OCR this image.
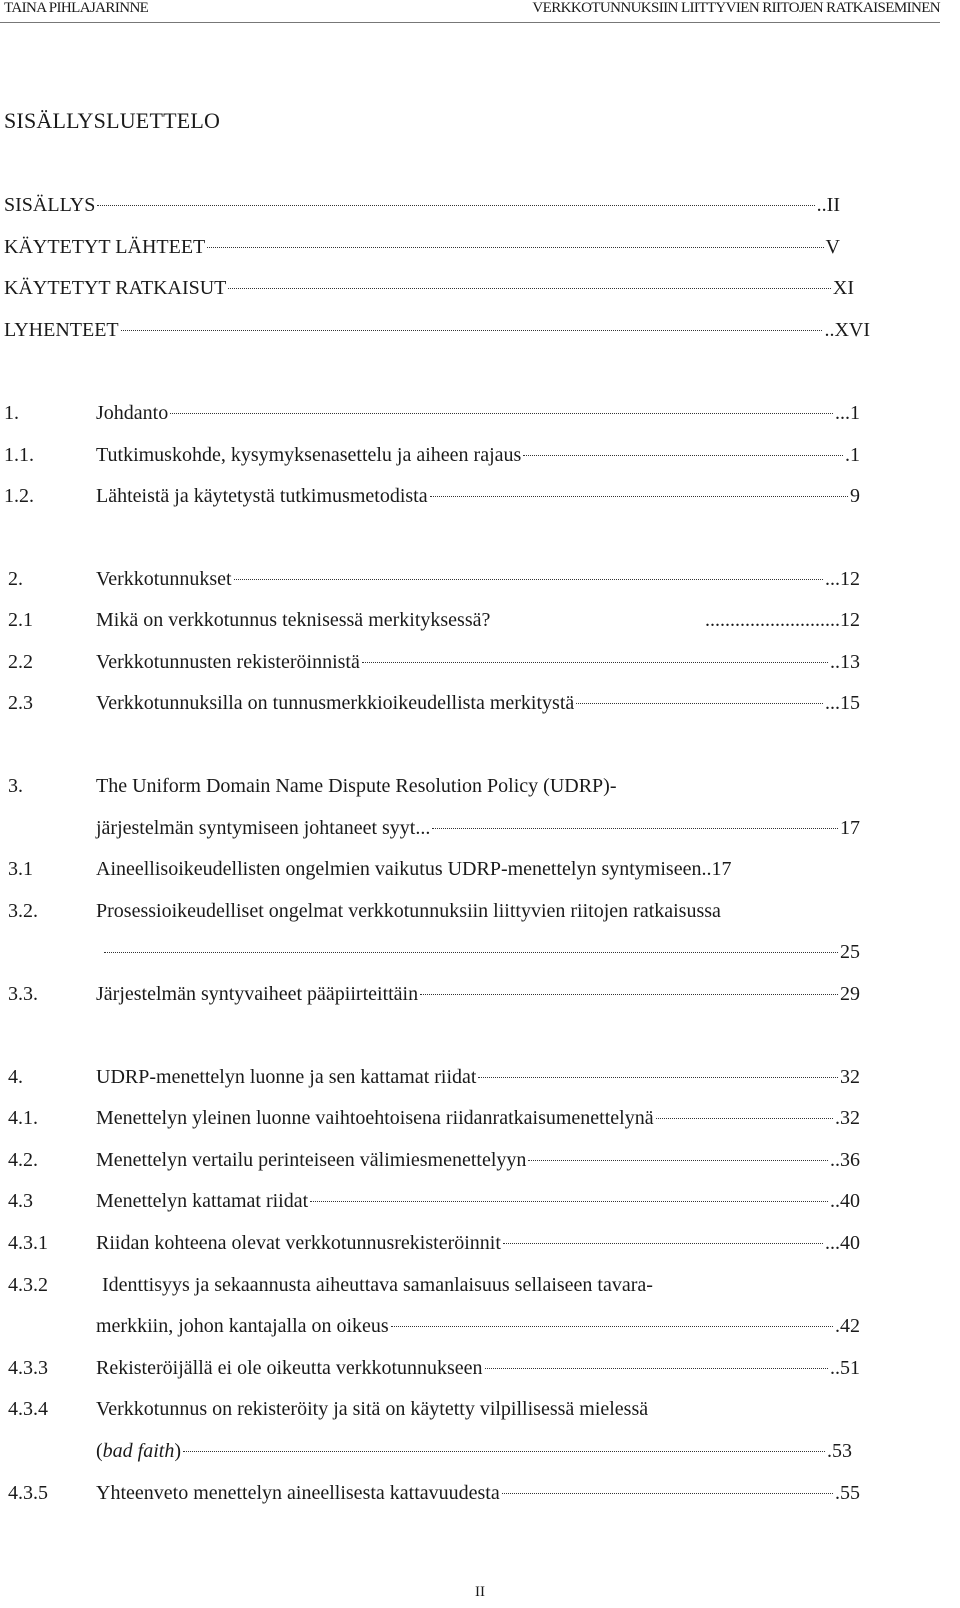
TAINA PIHLAJARINNE	VERKKOTUNNUKSIIN LIITTYVIEN RIITOJEN RATKAISEMINEN
SISÄLLYSLUETTELO
SISÄLLYS	..II
KÄYTETYT LÄHTEET	V
KÄYTETYT RATKAISUT	XI
LYHENTEET	..XVI
1.	Johdanto	...1
1.1.	Tutkimuskohde, kysymyksenasettelu ja aiheen rajaus	.1
1.2.	Lähteistä ja käytetystä tutkimusmetodista	9
2.	Verkkotunnukset	...12
2.1	Mikä on verkkotunnus teknisessä merkityksessä?	...........................12
2.2	Verkkotunnusten rekisteröinnistä	..13
2.3	Verkkotunnuksilla on tunnusmerkkioikeudellista merkitystä	...15
3.	The Uniform Domain Name Dispute Resolution Policy (UDRP)-
järjestelmän syntymiseen johtaneet syyt...	17
3.1	Aineellisoikeudellisten ongelmien vaikutus UDRP-menettelyn syntymiseen.. 17
3.2.	Prosessioikeudelliset ongelmat verkkotunnuksiin liittyvien riitojen ratkaisussa
25
3.3.	Järjestelmän syntyvaiheet pääpiirteittäin	29
4.	UDRP-menettelyn luonne ja sen kattamat riidat	32
4.1.	Menettelyn yleinen luonne vaihtoehtoisena riidanratkaisumenettelynä	.32
4.2.	Menettelyn vertailu perinteiseen välimiesmenettelyyn	..36
4.3	Menettelyn kattamat riidat	..40
4.3.1	Riidan kohteena olevat verkkotunnusrekisteröinnit	...40
4.3.2	Identtisyys ja sekaannusta aiheuttava samanlaisuus sellaiseen tavara-
merkkiin, johon kantajalla on oikeus	.42
4.3.3	Rekisteröijällä ei ole oikeutta verkkotunnukseen	..51
4.3.4	Verkkotunnus on rekisteröity ja sitä on käytetty vilpillisessä mielessä
( bad faith )	.53
4.3.5	Yhteenveto menettelyn aineellisesta kattavuudesta	.55
II
